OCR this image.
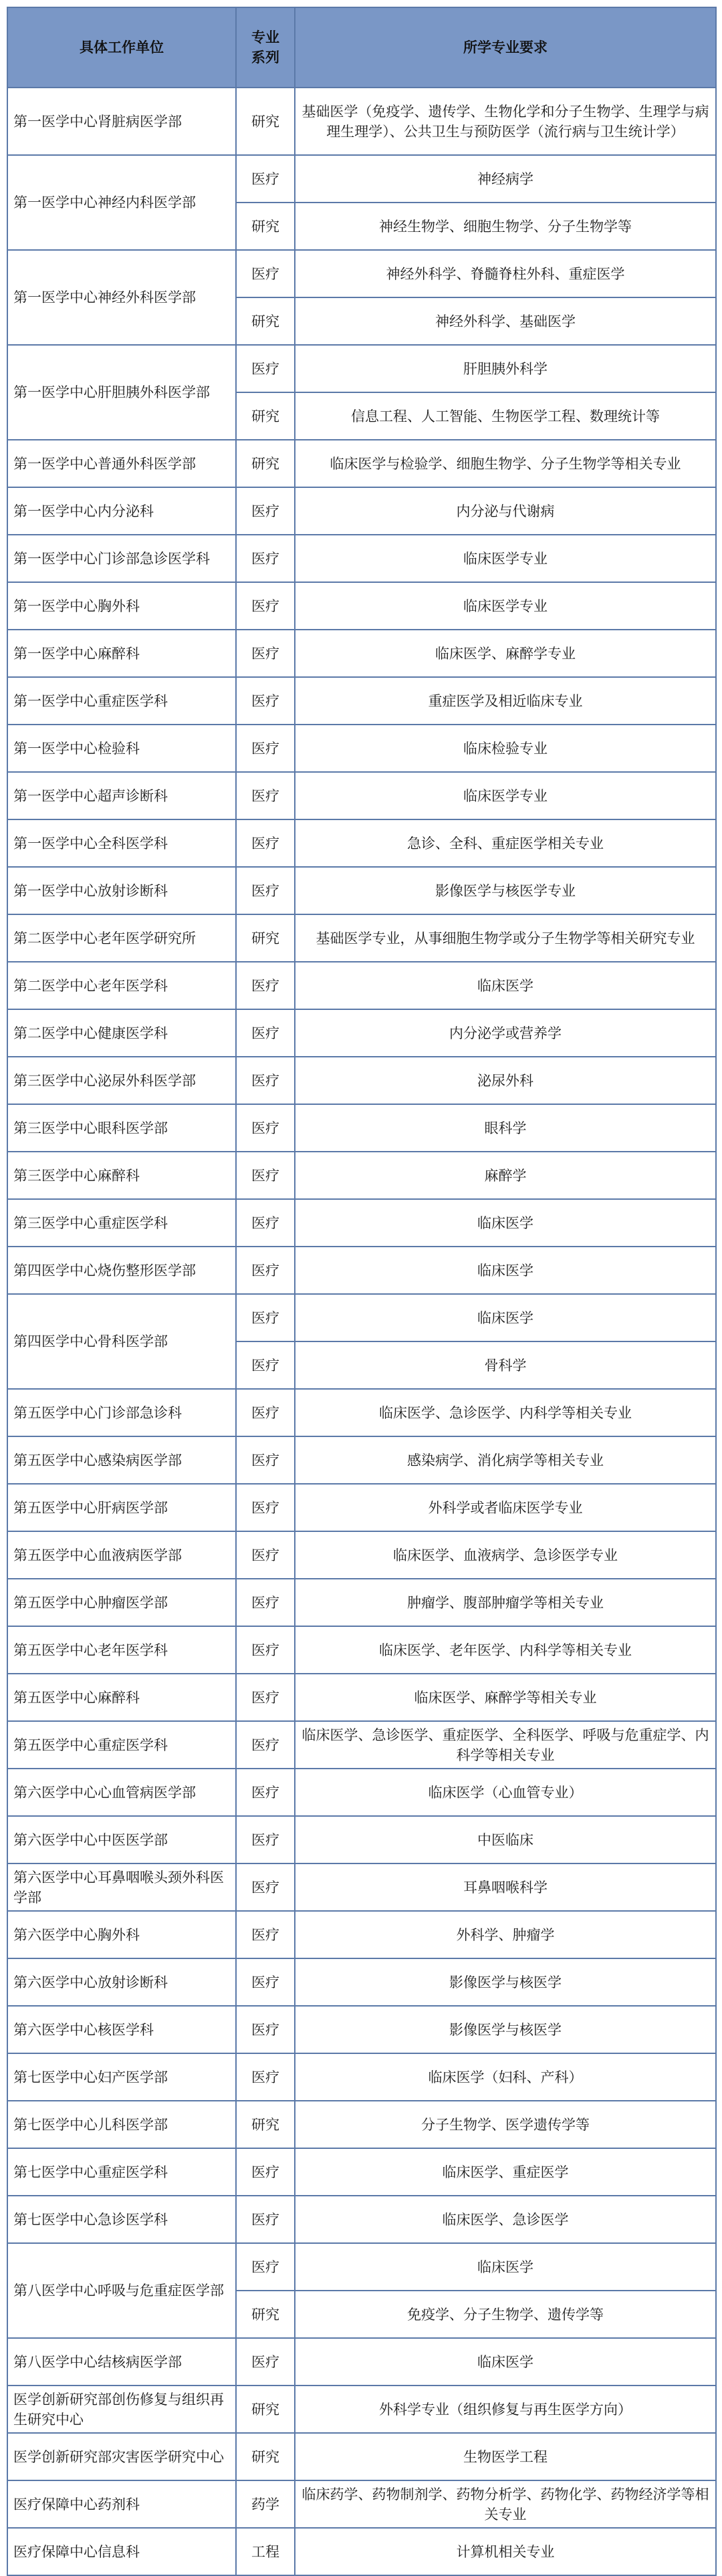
具体工作单位	专业系列	所学专业要求
第一医学中心肾脏病医学部	研究	基础医学（免疫学、遗传学、生物化学和分子生物学、生理学与病理生理学）、公共卫生与预防医学（流行病与卫生统计学）
第一医学中心神经内科医学部	医疗	神经病学
	研究	神经生物学、细胞生物学、分子生物学等
第一医学中心神经外科医学部	医疗	神经外科学、脊髓脊柱外科、重症医学
	研究	神经外科学、基础医学
第一医学中心肝胆胰外科医学部	医疗	肝胆胰外科学
	研究	信息工程、人工智能、生物医学工程、数理统计等
第一医学中心普通外科医学部	研究	临床医学与检验学、细胞生物学、分子生物学等相关专业
第一医学中心内分泌科	医疗	内分泌与代谢病
第一医学中心门诊部急诊医学科	医疗	临床医学专业
第一医学中心胸外科	医疗	临床医学专业
第一医学中心麻醉科	医疗	临床医学、麻醉学专业
第一医学中心重症医学科	医疗	重症医学及相近临床专业
第一医学中心检验科	医疗	临床检验专业
第一医学中心超声诊断科	医疗	临床医学专业
第一医学中心全科医学科	医疗	急诊、全科、重症医学相关专业
第一医学中心放射诊断科	医疗	影像医学与核医学专业
第二医学中心老年医学研究所	研究	基础医学专业，从事细胞生物学或分子生物学等相关研究专业
第二医学中心老年医学科	医疗	临床医学
第二医学中心健康医学科	医疗	内分泌学或营养学
第三医学中心泌尿外科医学部	医疗	泌尿外科
第三医学中心眼科医学部	医疗	眼科学
第三医学中心麻醉科	医疗	麻醉学
第三医学中心重症医学科	医疗	临床医学
第四医学中心烧伤整形医学部	医疗	临床医学
第四医学中心骨科医学部	医疗	临床医学
	医疗	骨科学
第五医学中心门诊部急诊科	医疗	临床医学、急诊医学、内科学等相关专业
第五医学中心感染病医学部	医疗	感染病学、消化病学等相关专业
第五医学中心肝病医学部	医疗	外科学或者临床医学专业
第五医学中心血液病医学部	医疗	临床医学、血液病学、急诊医学专业
第五医学中心肿瘤医学部	医疗	肿瘤学、腹部肿瘤学等相关专业
第五医学中心老年医学科	医疗	临床医学、老年医学、内科学等相关专业
第五医学中心麻醉科	医疗	临床医学、麻醉学等相关专业
第五医学中心重症医学科	医疗	临床医学、急诊医学、重症医学、全科医学、呼吸与危重症学、内科学等相关专业
第六医学中心心血管病医学部	医疗	临床医学（心血管专业）
第六医学中心中医医学部	医疗	中医临床
第六医学中心耳鼻咽喉头颈外科医学部	医疗	耳鼻咽喉科学
第六医学中心胸外科	医疗	外科学、肿瘤学
第六医学中心放射诊断科	医疗	影像医学与核医学
第六医学中心核医学科	医疗	影像医学与核医学
第七医学中心妇产医学部	医疗	临床医学（妇科、产科）
第七医学中心儿科医学部	研究	分子生物学、医学遗传学等
第七医学中心重症医学科	医疗	临床医学、重症医学
第七医学中心急诊医学科	医疗	临床医学、急诊医学
第八医学中心呼吸与危重症医学部	医疗	临床医学
	研究	免疫学、分子生物学、遗传学等
第八医学中心结核病医学部	医疗	临床医学
医学创新研究部创伤修复与组织再生研究中心	研究	外科学专业（组织修复与再生医学方向）
医学创新研究部灾害医学研究中心	研究	生物医学工程
医疗保障中心药剂科	药学	临床药学、药物制剂学、药物分析学、药物化学、药物经济学等相关专业
医疗保障中心信息科	工程	计算机相关专业
